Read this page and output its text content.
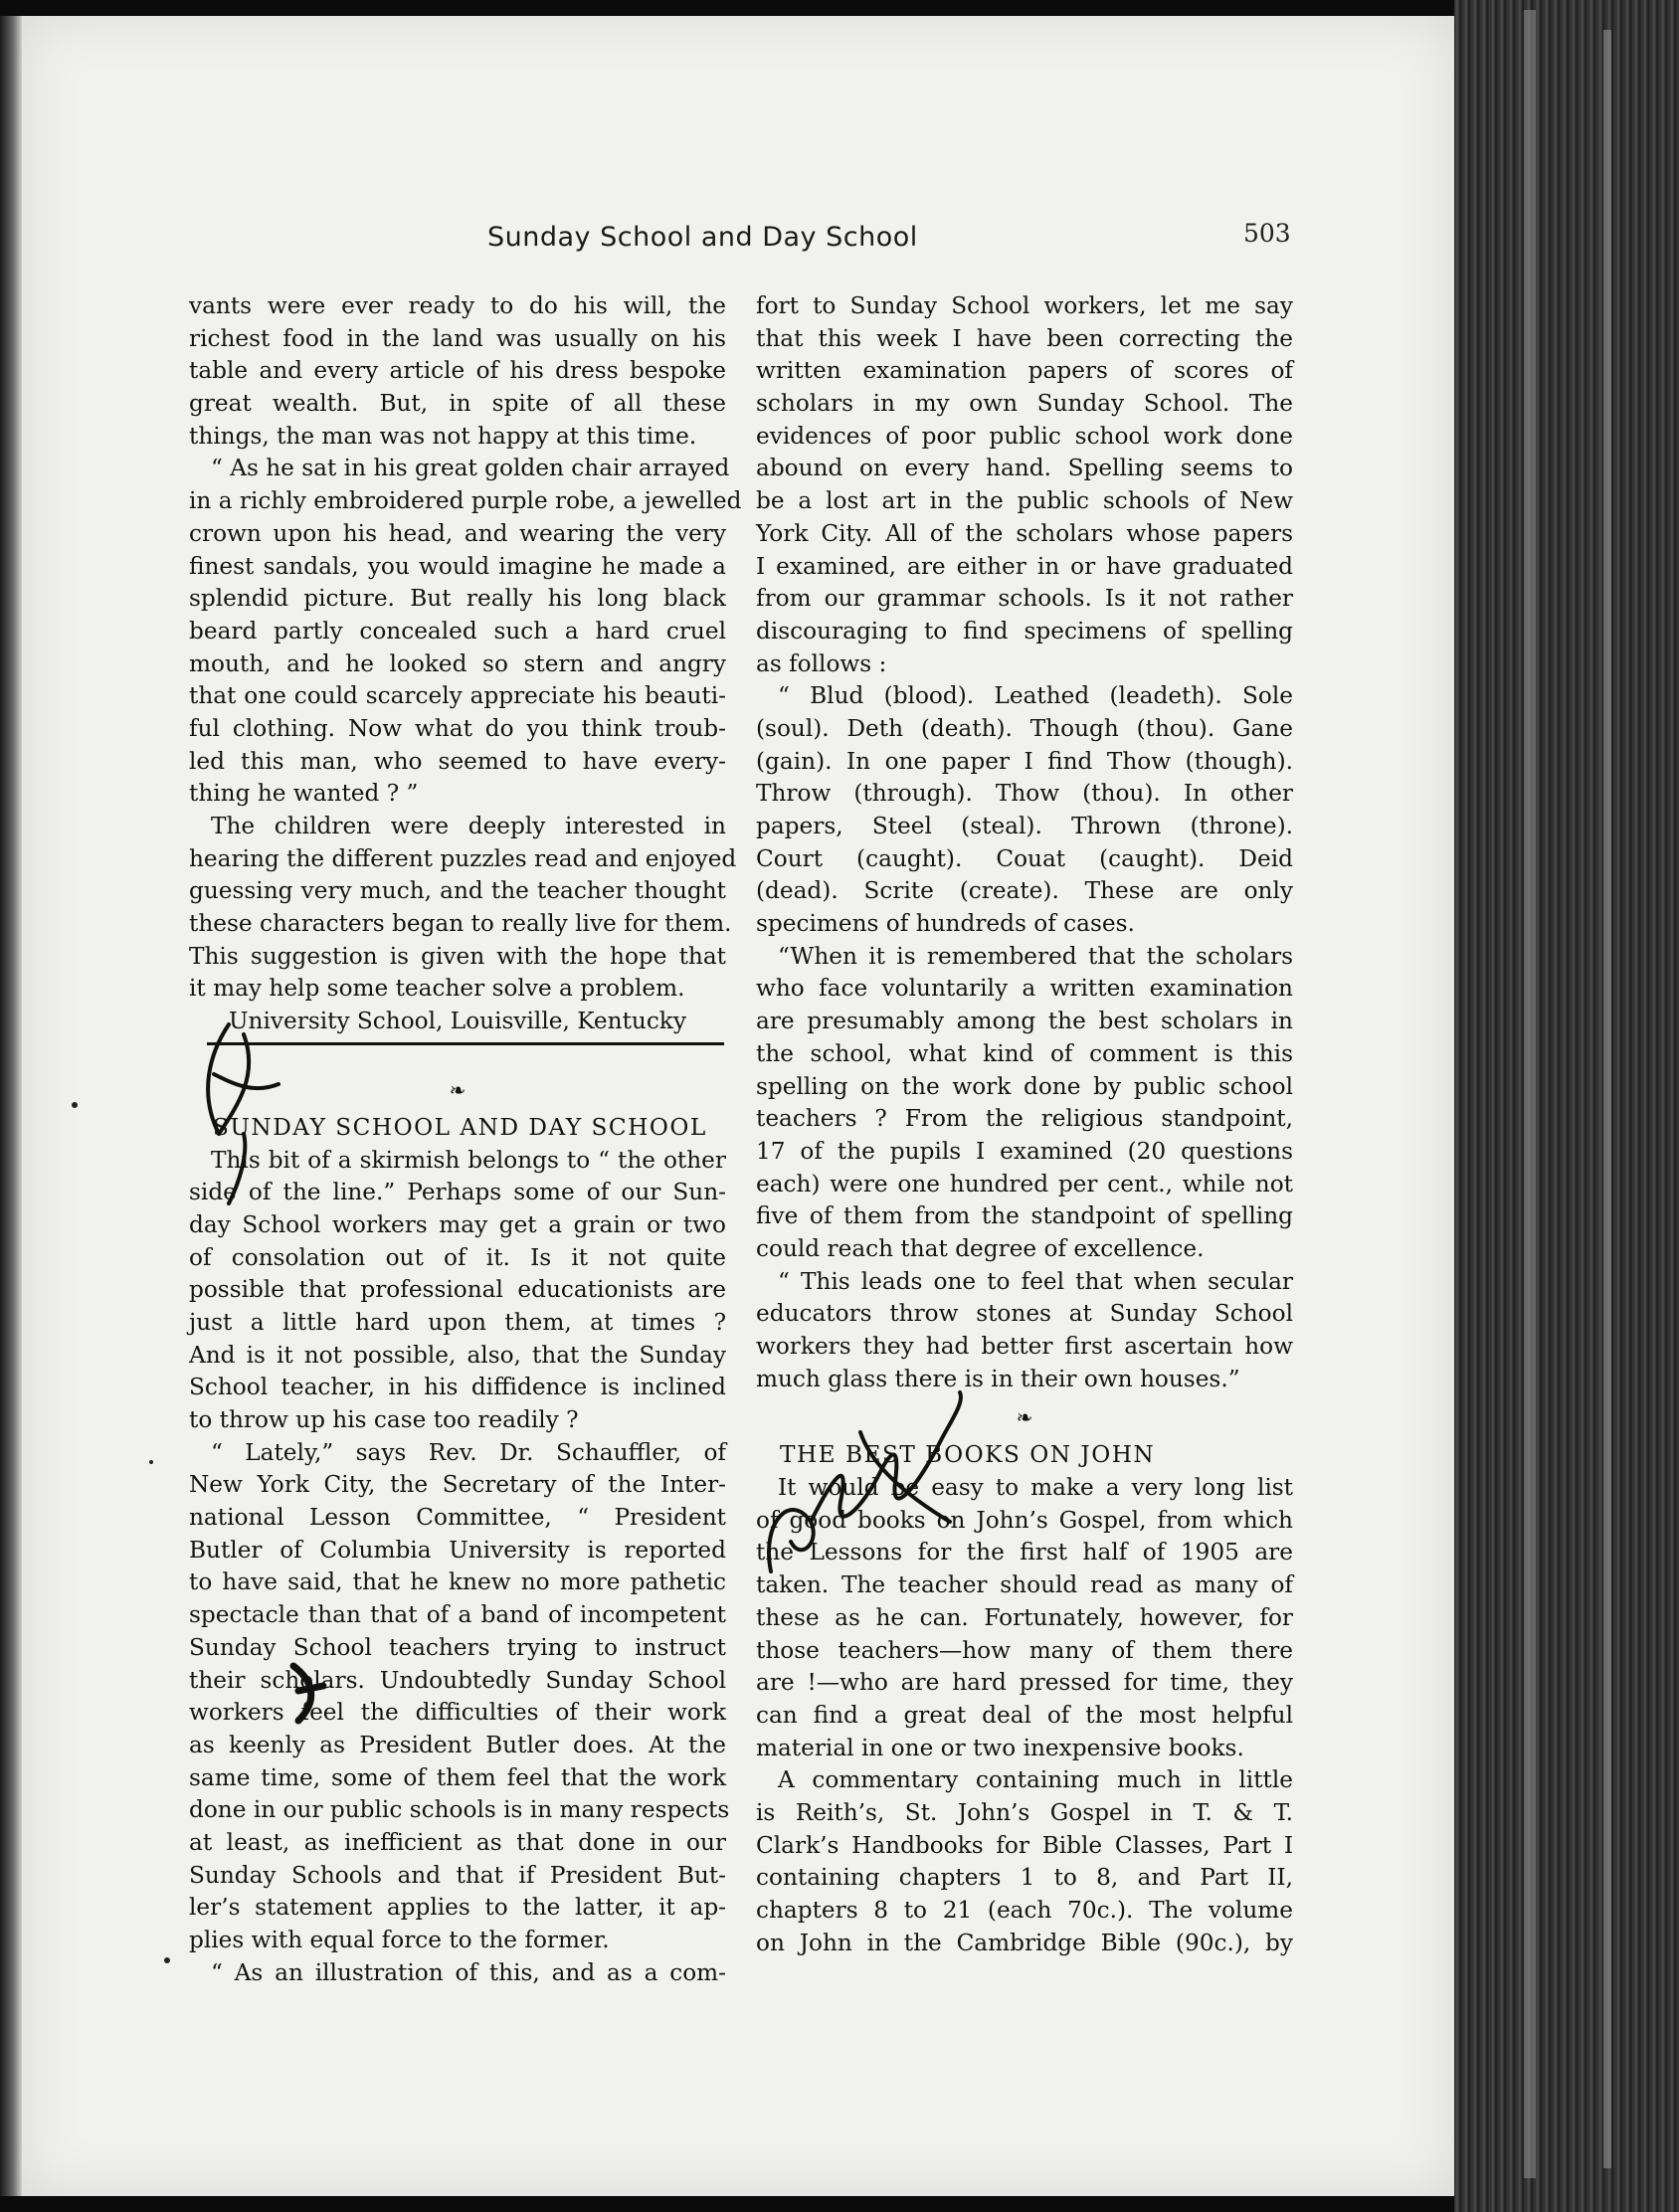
Sunday School and Day School	503
vants were ever ready to do his will, the
richest food in the land was usually on his
table and every article of his dress bespoke
great wealth. But, in spite of all these
things, the man was not happy at this time.
“ As he sat in his great golden chair arrayed
in a richly embroidered purple robe, a jewelled
crown upon his head, and wearing the very
finest sandals, you would imagine he made a
splendid picture. But really his long black
beard partly concealed such a hard cruel
mouth, and he looked so stern and angry
that one could scarcely appreciate his beauti-
ful clothing. Now what do you think troub-
led this man, who seemed to have every-
thing he wanted ? ”
The children were deeply interested in
hearing the different puzzles read and enjoyed
guessing very much, and the teacher thought
these characters began to really live for them.
This suggestion is given with the hope that
it may help some teacher solve a problem.
University School, Louisville, Kentucky
❧
SUNDAY SCHOOL AND DAY SCHOOL
This bit of a skirmish belongs to “ the other
side of the line.” Perhaps some of our Sun-
day School workers may get a grain or two
of consolation out of it. Is it not quite
possible that professional educationists are
just a little hard upon them, at times ?
And is it not possible, also, that the Sunday
School teacher, in his diffidence is inclined
to throw up his case too readily ?
“ Lately,” says Rev. Dr. Schauffler, of
New York City, the Secretary of the Inter-
national Lesson Committee, “ President
Butler of Columbia University is reported
to have said, that he knew no more pathetic
spectacle than that of a band of incompetent
Sunday School teachers trying to instruct
their scholars. Undoubtedly Sunday School
workers feel the difficulties of their work
as keenly as President Butler does. At the
same time, some of them feel that the work
done in our public schools is in many respects
at least, as inefficient as that done in our
Sunday Schools and that if President But-
ler’s statement applies to the latter, it ap-
plies with equal force to the former.
“ As an illustration of this, and as a com-
fort to Sunday School workers, let me say
that this week I have been correcting the
written examination papers of scores of
scholars in my own Sunday School. The
evidences of poor public school work done
abound on every hand. Spelling seems to
be a lost art in the public schools of New
York City. All of the scholars whose papers
I examined, are either in or have graduated
from our grammar schools. Is it not rather
discouraging to find specimens of spelling
as follows :
“ Blud (blood). Leathed (leadeth). Sole
(soul). Deth (death). Though (thou). Gane
(gain). In one paper I find Thow (though).
Throw (through). Thow (thou). In other
papers, Steel (steal). Thrown (throne).
Court (caught). Couat (caught). Deid
(dead). Scrite (create). These are only
specimens of hundreds of cases.
“When it is remembered that the scholars
who face voluntarily a written examination
are presumably among the best scholars in
the school, what kind of comment is this
spelling on the work done by public school
teachers ? From the religious standpoint,
17 of the pupils I examined (20 questions
each) were one hundred per cent., while not
five of them from the standpoint of spelling
could reach that degree of excellence.
“ This leads one to feel that when secular
educators throw stones at Sunday School
workers they had better first ascertain how
much glass there is in their own houses.”
❧
THE BEST BOOKS ON JOHN
It would be easy to make a very long list
of good books on John’s Gospel, from which
the Lessons for the first half of 1905 are
taken. The teacher should read as many of
these as he can. Fortunately, however, for
those teachers—how many of them there
are !—who are hard pressed for time, they
can find a great deal of the most helpful
material in one or two inexpensive books.
A commentary containing much in little
is Reith’s, St. John’s Gospel in T. & T.
Clark’s Handbooks for Bible Classes, Part I
containing chapters 1 to 8, and Part II,
chapters 8 to 21 (each 70c.). The volume
on John in the Cambridge Bible (90c.), by
